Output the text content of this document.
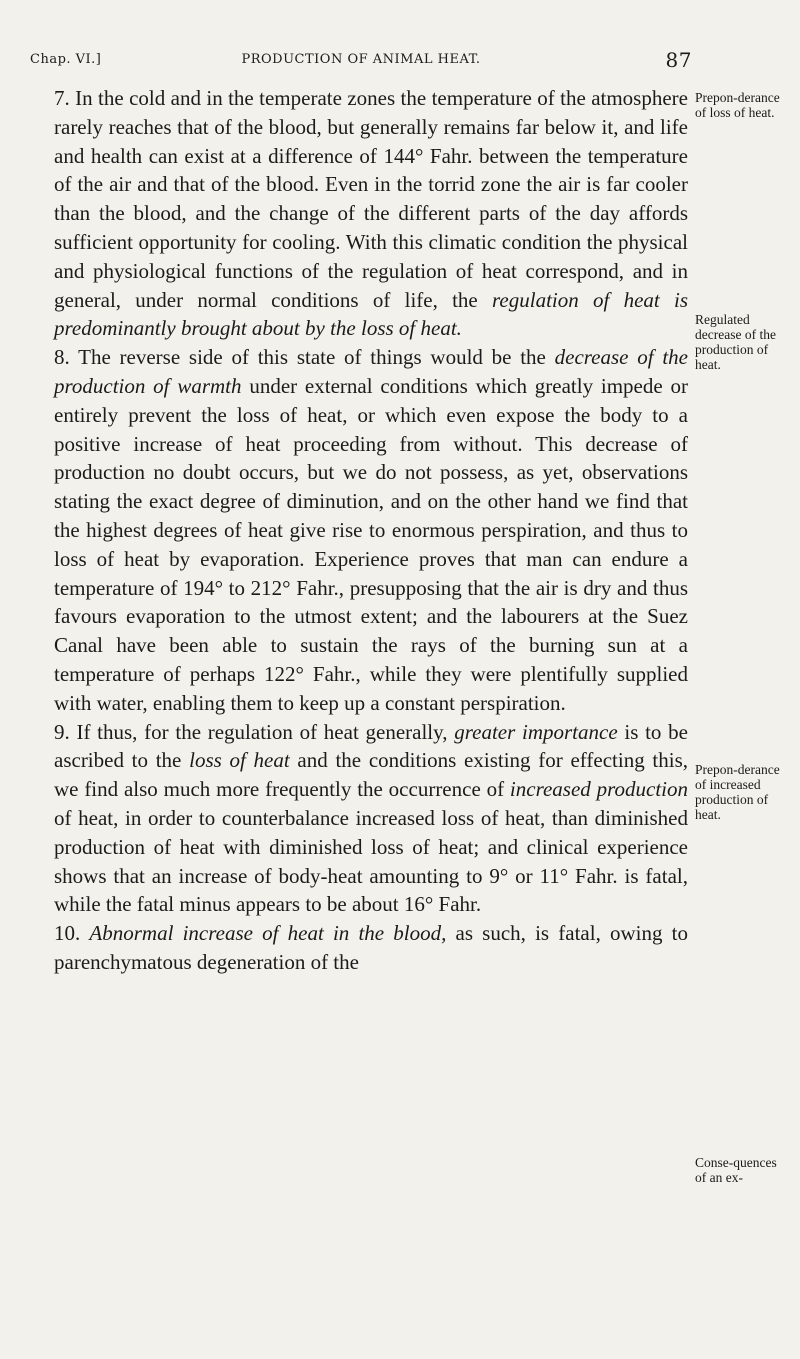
Chap. VI.]	PRODUCTION OF ANIMAL HEAT.	87

7. In the cold and in the temperate zones the temperature of the atmosphere rarely reaches that of the blood, but generally remains far below it, and life and health can exist at a difference of 144° Fahr. between the temperature of the air and that of the blood. Even in the torrid zone the air is far cooler than the blood, and the change of the different parts of the day affords sufficient opportunity for cooling. With this climatic condition the physical and physiological functions of the regulation of heat correspond, and in general, under normal conditions of life, the regulation of heat is predominantly brought about by the loss of heat.

8. The reverse side of this state of things would be the decrease of the production of warmth under external conditions which greatly impede or entirely prevent the loss of heat, or which even expose the body to a positive increase of heat proceeding from without. This decrease of production no doubt occurs, but we do not possess, as yet, observations stating the exact degree of diminution, and on the other hand we find that the highest degrees of heat give rise to enormous perspiration, and thus to loss of heat by evaporation. Experience proves that man can endure a temperature of 194° to 212° Fahr., presupposing that the air is dry and thus favours evaporation to the utmost extent; and the labourers at the Suez Canal have been able to sustain the rays of the burning sun at a temperature of perhaps 122° Fahr., while they were plentifully supplied with water, enabling them to keep up a constant perspiration.

9. If thus, for the regulation of heat generally, greater importance is to be ascribed to the loss of heat and the conditions existing for effecting this, we find also much more frequently the occurrence of increased production of heat, in order to counterbalance increased loss of heat, than diminished production of heat with diminished loss of heat; and clinical experience shows that an increase of body-heat amounting to 9° or 11° Fahr. is fatal, while the fatal minus appears to be about 16° Fahr.

10. Abnormal increase of heat in the blood, as such, is fatal, owing to parenchymatous degeneration of the

Prepon-derance of loss of heat.
Regulated decrease of the production of heat.
Prepon-derance of increased production of heat.
Conse-quences of an ex-
